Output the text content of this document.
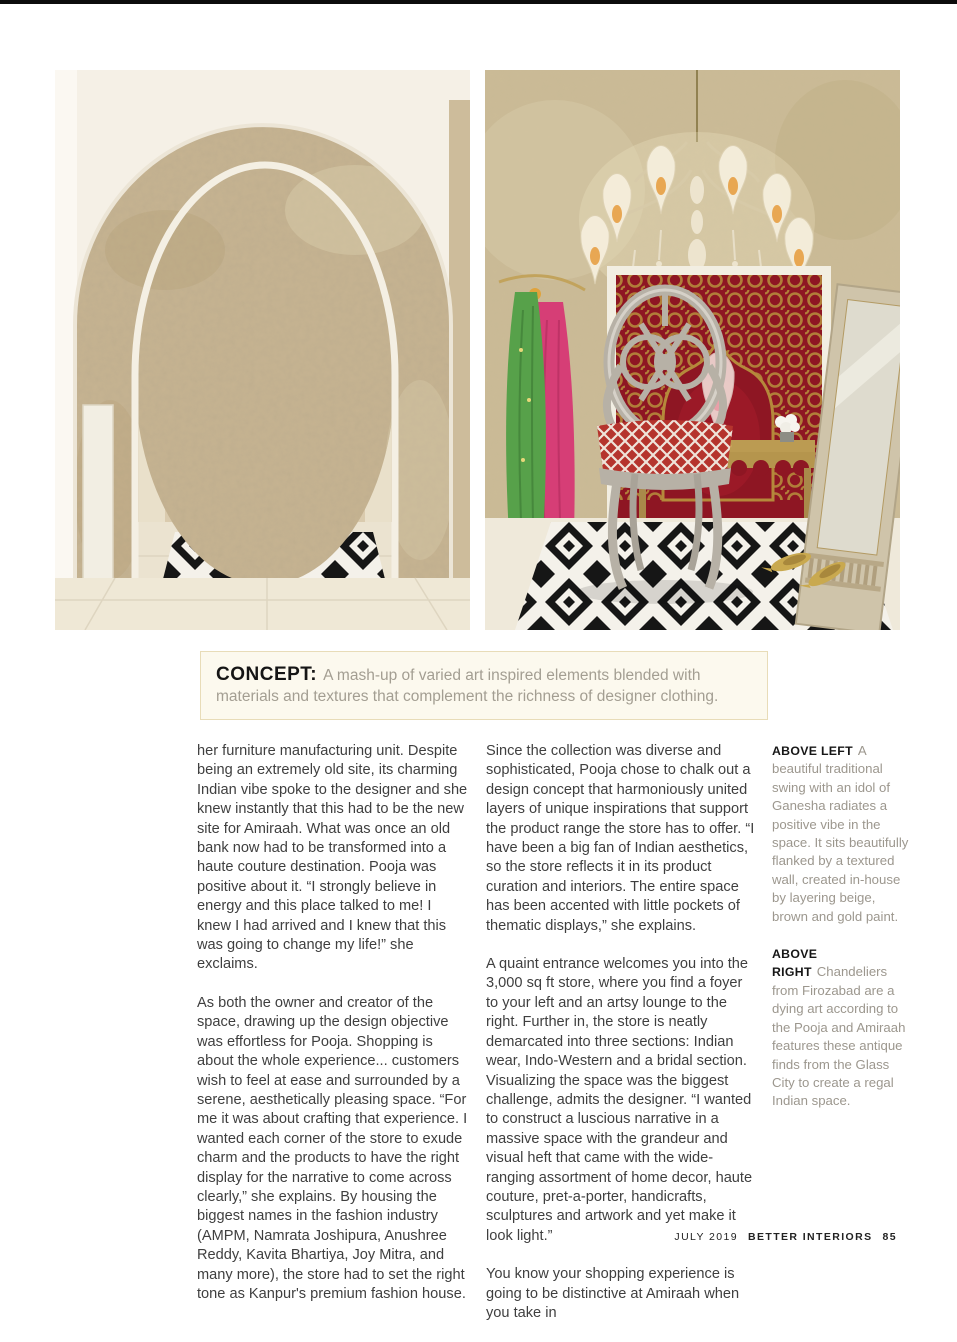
CONCEPT: A mash-up of varied art inspired elements blended with materials and textures that complement the richness of designer clothing.

her furniture manufacturing unit. Despite being an extremely old site, its charming Indian vibe spoke to the designer and she knew instantly that this had to be the new site for Amiraah. What was once an old bank now had to be transformed into a haute couture destination. Pooja was positive about it. “I strongly believe in energy and this place talked to me! I knew I had arrived and I knew that this was going to change my life!” she exclaims.

As both the owner and creator of the space, drawing up the design objective was effortless for Pooja. Shopping is about the whole experience... customers wish to feel at ease and surrounded by a serene, aesthetically pleasing space. “For me it was about crafting that experience. I wanted each corner of the store to exude charm and the products to have the right display for the narrative to come across clearly,” she explains. By housing the biggest names in the fashion industry (AMPM, Namrata Joshipura, Anushree Reddy, Kavita Bhartiya, Joy Mitra, and many more), the store had to set the right tone as Kanpur's premium fashion house.

Since the collection was diverse and sophisticated, Pooja chose to chalk out a design concept that harmoniously united layers of unique inspirations that support the product range the store has to offer. “I have been a big fan of Indian aesthetics, so the store reflects it in its product curation and interiors. The entire space has been accented with little pockets of thematic displays,” she explains.

A quaint entrance welcomes you into the 3,000 sq ft store, where you find a foyer to your left and an artsy lounge to the right. Further in, the store is neatly demarcated into three sections: Indian wear, Indo-Western and a bridal section. Visualizing the space was the biggest challenge, admits the designer. “I wanted to construct a luscious narrative in a massive space with the grandeur and visual heft that came with the wide-ranging assortment of home decor, haute couture, pret-a-porter, handicrafts, sculptures and artwork and yet make it look light.”

You know your shopping experience is going to be distinctive at Amiraah when you take in

ABOVE LEFT A beautiful traditional swing with an idol of Ganesha radiates a positive vibe in the space. It sits beautifully flanked by a textured wall, created in-house by layering beige, brown and gold paint.

ABOVE RIGHT Chandeliers from Firozabad are a dying art according to the Pooja and Amiraah features these antique finds from the Glass City to create a regal Indian space.

JULY 2019 BETTER INTERIORS 85
